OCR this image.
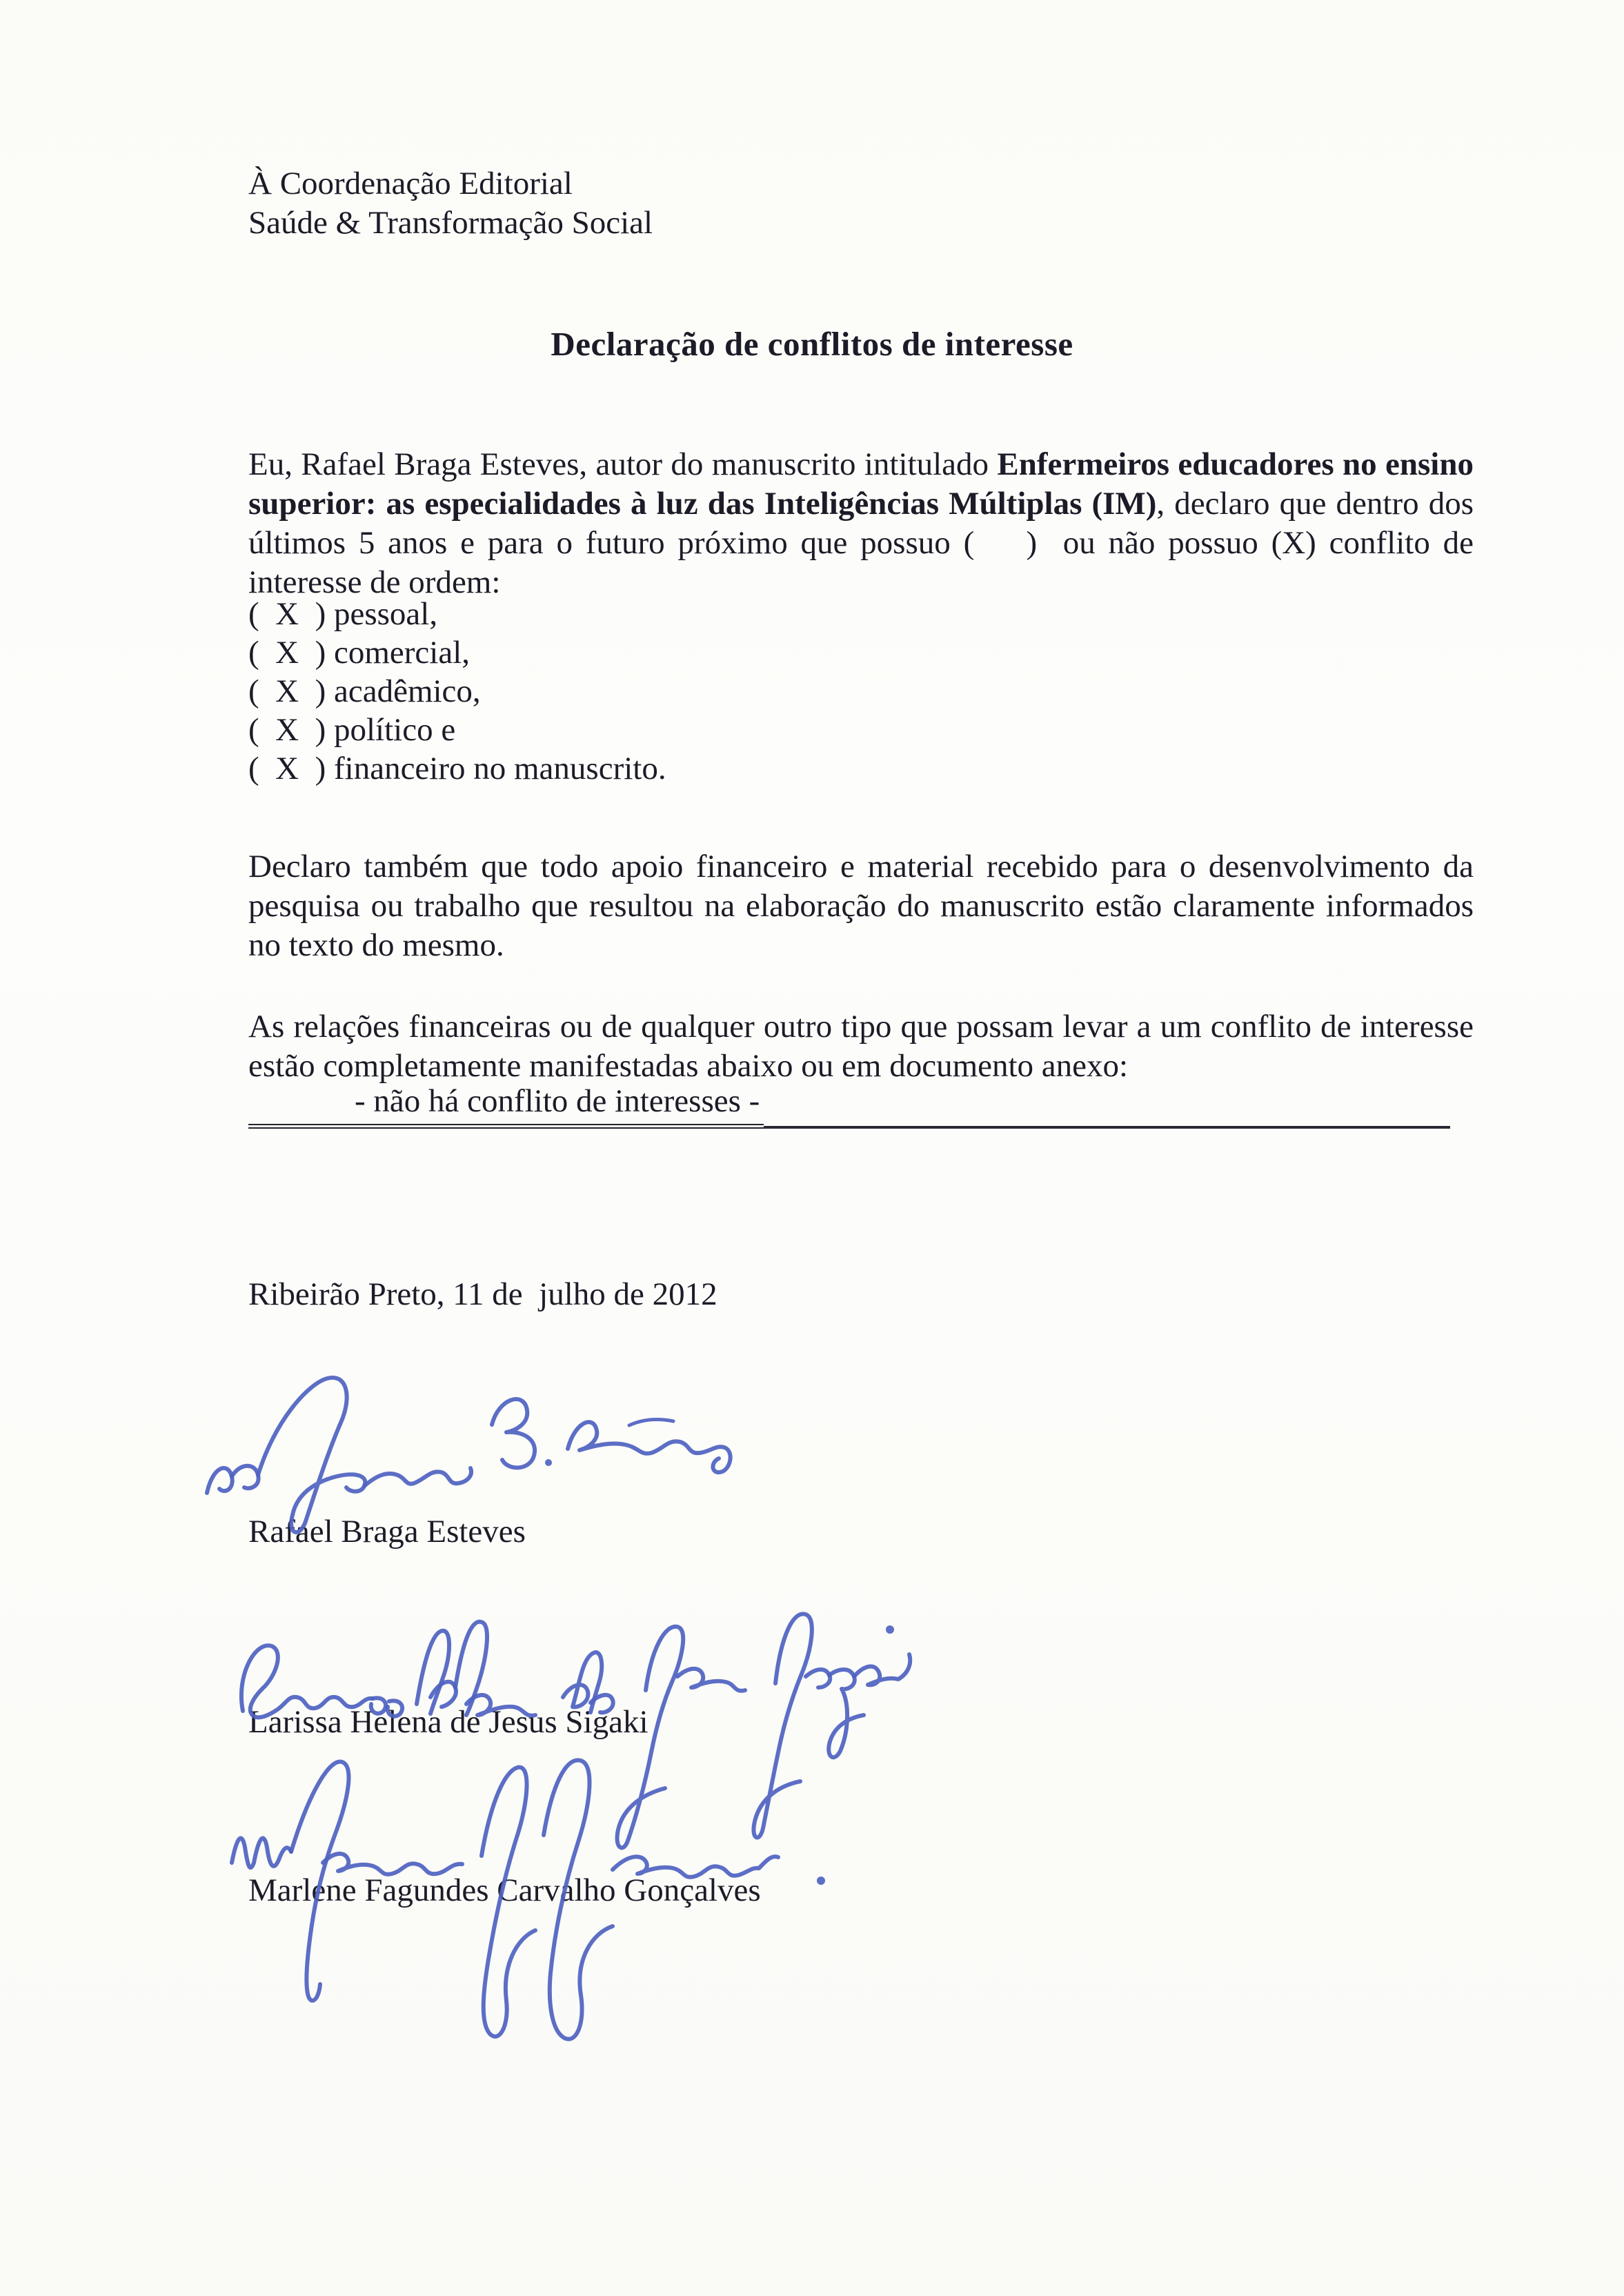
À Coordenação Editorial
Saúde & Transformação Social
Declaração de conflitos de interesse

Eu, Rafael Braga Esteves, autor do manuscrito intitulado Enfermeiros educadores no ensino superior: as especialidades à luz das Inteligências Múltiplas (IM), declaro que dentro dos últimos 5 anos e para o futuro próximo que possuo (    )  ou não possuo (X) conflito de interesse de ordem:

(  X  ) pessoal,
(  X  ) comercial,
(  X  ) acadêmico,
(  X  ) político e
(  X  ) financeiro no manuscrito.

Declaro também que todo apoio financeiro e material recebido para o desenvolvimento da pesquisa ou trabalho que resultou na elaboração do manuscrito estão claramente informados no texto do mesmo.

As relações financeiras ou de qualquer outro tipo que possam levar a um conflito de interesse estão completamente manifestadas abaixo ou em documento anexo:

- não há conflito de interesses -
Ribeirão Preto, 11 de  julho de 2012
Rafael Braga Esteves
Larissa Helena de Jesus Sigaki
Marlene Fagundes Carvalho Gonçalves
